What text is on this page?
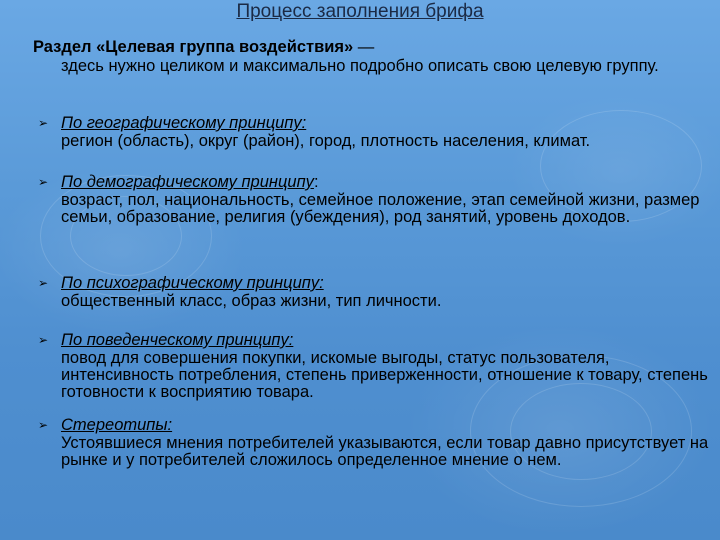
Процесс заполнения брифа
Раздел «Целевая группа воздействия» —
здесь нужно целиком и максимально подробно описать свою целевую группу.
➢ По географическому принципу:
регион (область), округ (район), город, плотность населения, климат.
➢ По демографическому принципу:
возраст, пол, национальность, семейное положение, этап семейной жизни, размер семьи, образование, религия (убеждения), род занятий, уровень доходов.
➢ По психографическому принципу:
общественный класс, образ жизни, тип личности.
➢ По поведенческому принципу:
повод для совершения покупки, искомые выгоды, статус пользователя, интенсивность потребления, степень приверженности, отношение к товару, степень готовности к восприятию товара.
➢ Стереотипы:
Устоявшиеся мнения потребителей указываются, если товар давно присутствует на рынке и у потребителей сложилось определенное мнение о нем.
